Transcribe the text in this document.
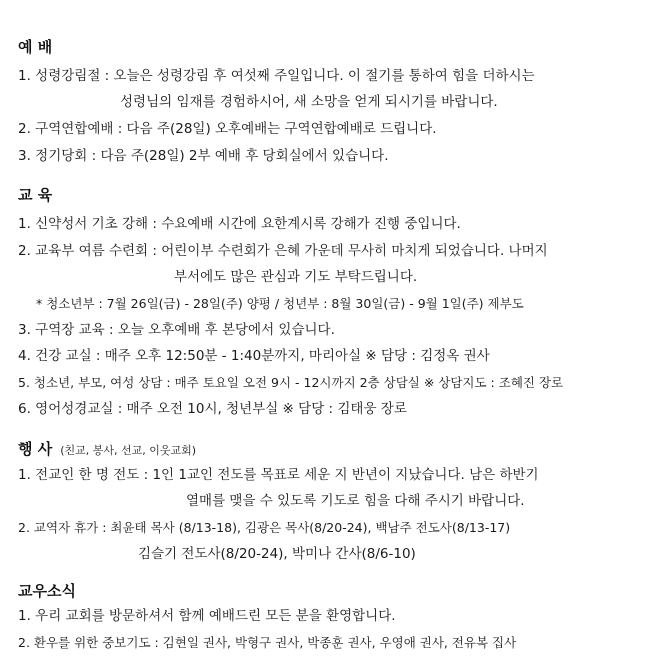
예 배
1. 성령강림절 : 오늘은 성령강림 후 여섯째 주일입니다. 이 절기를 통하여 힘을 더하시는
성령님의 임재를 경험하시어, 새 소망을 얻게 되시기를 바랍니다.
2. 구역연합예배 : 다음 주(28일) 오후예배는 구역연합예배로 드립니다.
3. 정기당회 : 다음 주(28일) 2부 예배 후 당회실에서 있습니다.
교 육
1. 신약성서 기초 강해 : 수요예배 시간에 요한계시록 강해가 진행 중입니다.
2. 교육부 여름 수련회 : 어린이부 수련회가 은혜 가운데 무사히 마치게 되었습니다. 나머지
부서에도 많은 관심과 기도 부탁드립니다.
* 청소년부 : 7월 26일(금) - 28일(주) 양평 / 청년부 : 8월 30일(금) - 9월 1일(주) 제부도
3. 구역장 교육 : 오늘 오후예배 후 본당에서 있습니다.
4. 건강 교실 : 매주 오후 12:50분 - 1:40분까지, 마리아실 ※ 담당 : 김정옥 권사
5. 청소년, 부모, 여성 상담 : 매주 토요일 오전 9시 - 12시까지 2층 상담실 ※ 상담지도 : 조혜진 장로
6. 영어성경교실 : 매주 오전 10시, 청년부실 ※ 담당 : 김태웅 장로
행 사 (친교, 봉사, 선교, 이웃교회)
1. 전교인 한 명 전도 : 1인 1교인 전도를 목표로 세운 지 반년이 지났습니다. 남은 하반기
열매를 맺을 수 있도록 기도로 힘을 다해 주시기 바랍니다.
2. 교역자 휴가 : 최윤태 목사 (8/13-18), 김광은 목사(8/20-24), 백남주 전도사(8/13-17)
김슬기 전도사(8/20-24), 박미나 간사(8/6-10)
교우소식
1. 우리 교회를 방문하셔서 함께 예배드린 모든 분을 환영합니다.
2. 환우를 위한 중보기도 : 김현일 권사, 박형구 권사, 박종훈 권사, 우영애 권사, 전유복 집사
